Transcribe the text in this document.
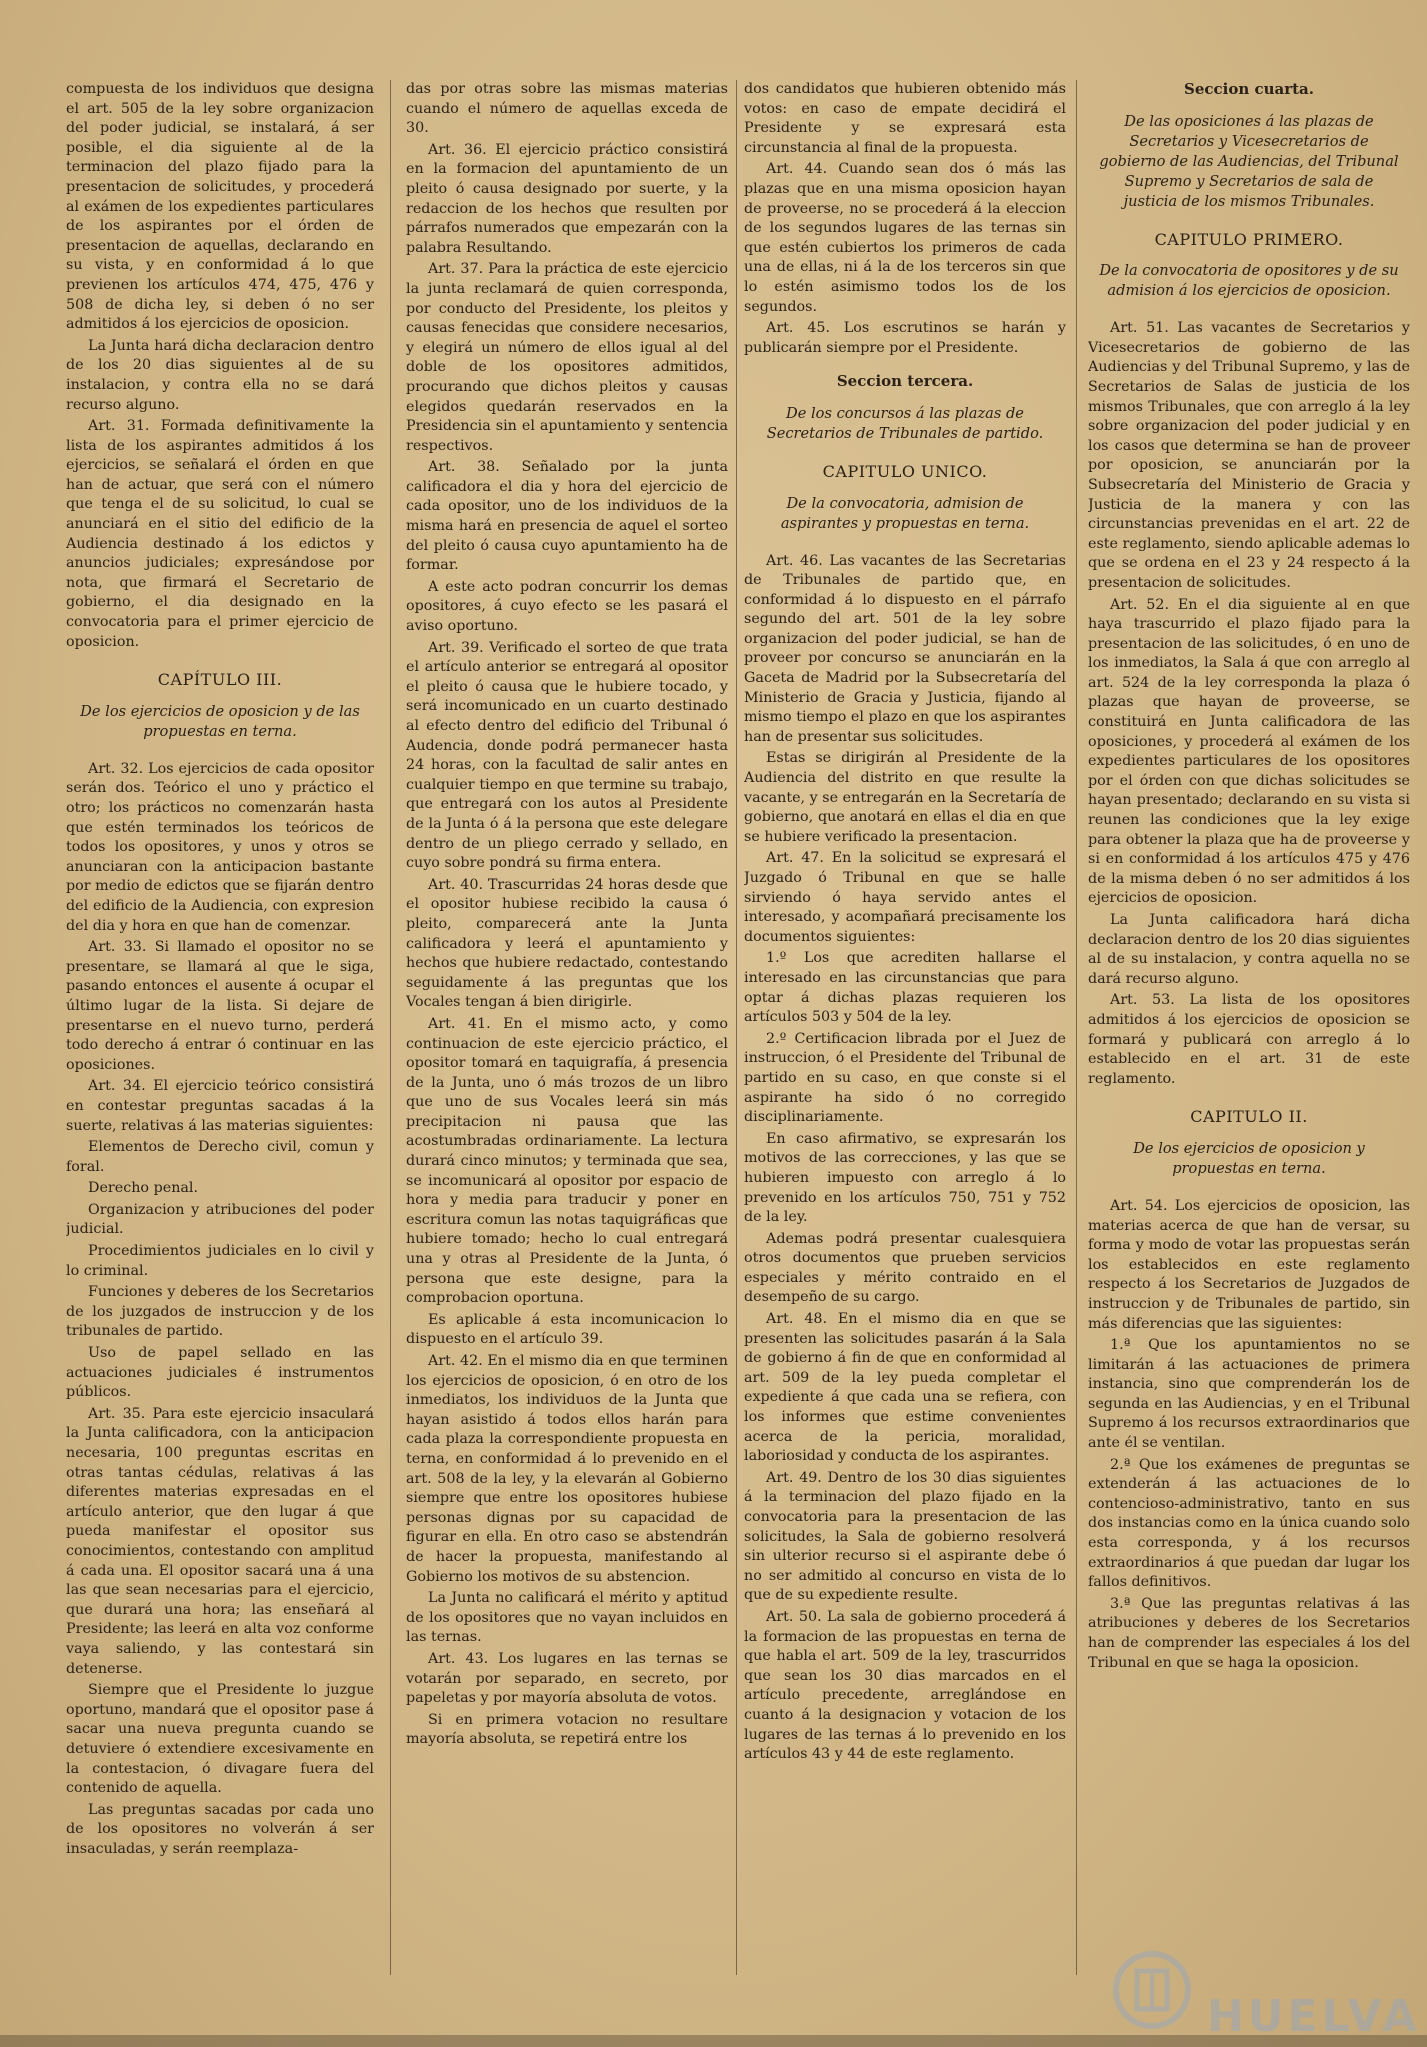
compuesta de los individuos que designa el art. 505 de la ley sobre organizacion del poder judicial, se instalará, á ser posible, el dia siguiente al de la terminacion del plazo fijado para la presentacion de solicitudes, y procederá al exámen de los expedientes particulares de los aspirantes por el órden de presentacion de aquellas, declarando en su vista, y en conformidad á lo que previenen los artículos 474, 475, 476 y 508 de dicha ley, si deben ó no ser admitidos á los ejercicios de oposicion.

La Junta hará dicha declaracion dentro de los 20 dias siguientes al de su instalacion, y contra ella no se dará recurso alguno.

Art. 31. Formada definitivamente la lista de los aspirantes admitidos á los ejercicios, se señalará el órden en que han de actuar, que será con el número que tenga el de su solicitud, lo cual se anunciará en el sitio del edificio de la Audiencia destinado á los edictos y anuncios judiciales; expresándose por nota, que firmará el Secretario de gobierno, el dia designado en la convocatoria para el primer ejercicio de oposicion.

CAPÍTULO III.
De los ejercicios de oposicion y de las propuestas en terna.

Art. 32. Los ejercicios de cada opositor serán dos. Teórico el uno y práctico el otro; los prácticos no comenzarán hasta que estén terminados los teóricos de todos los opositores, y unos y otros se anunciaran con la anticipacion bastante por medio de edictos que se fijarán dentro del edificio de la Audiencia, con expresion del dia y hora en que han de comenzar.

Art. 33. Si llamado el opositor no se presentare, se llamará al que le siga, pasando entonces el ausente á ocupar el último lugar de la lista. Si dejare de presentarse en el nuevo turno, perderá todo derecho á entrar ó continuar en las oposiciones.

Art. 34. El ejercicio teórico consistirá en contestar preguntas sacadas á la suerte, relativas á las materias siguientes:

Elementos de Derecho civil, comun y foral.

Derecho penal.

Organizacion y atribuciones del poder judicial.

Procedimientos judiciales en lo civil y lo criminal.

Funciones y deberes de los Secretarios de los juzgados de instruccion y de los tribunales de partido.

Uso de papel sellado en las actuaciones judiciales é instrumentos públicos.

Art. 35. Para este ejercicio insaculará la Junta calificadora, con la anticipacion necesaria, 100 preguntas escritas en otras tantas cédulas, relativas á las diferentes materias expresadas en el artículo anterior, que den lugar á que pueda manifestar el opositor sus conocimientos, contestando con amplitud á cada una. El opositor sacará una á una las que sean necesarias para el ejercicio, que durará una hora; las enseñará al Presidente; las leerá en alta voz conforme vaya saliendo, y las contestará sin detenerse.

Siempre que el Presidente lo juzgue oportuno, mandará que el opositor pase á sacar una nueva pregunta cuando se detuviere ó extendiere excesivamente en la contestacion, ó divagare fuera del contenido de aquella.

Las preguntas sacadas por cada uno de los opositores no volverán á ser insaculadas, y serán reemplaza-

das por otras sobre las mismas materias cuando el número de aquellas exceda de 30.

Art. 36. El ejercicio práctico consistirá en la formacion del apuntamiento de un pleito ó causa designado por suerte, y la redaccion de los hechos que resulten por párrafos numerados que empezarán con la palabra Resultando.

Art. 37. Para la práctica de este ejercicio la junta reclamará de quien corresponda, por conducto del Presidente, los pleitos y causas fenecidas que considere necesarios, y elegirá un número de ellos igual al del doble de los opositores admitidos, procurando que dichos pleitos y causas elegidos quedarán reservados en la Presidencia sin el apuntamiento y sentencia respectivos.

Art. 38. Señalado por la junta calificadora el dia y hora del ejercicio de cada opositor, uno de los individuos de la misma hará en presencia de aquel el sorteo del pleito ó causa cuyo apuntamiento ha de formar.

A este acto podran concurrir los demas opositores, á cuyo efecto se les pasará el aviso oportuno.

Art. 39. Verificado el sorteo de que trata el artículo anterior se entregará al opositor el pleito ó causa que le hubiere tocado, y será incomunicado en un cuarto destinado al efecto dentro del edificio del Tribunal ó Audencia, donde podrá permanecer hasta 24 horas, con la facultad de salir antes en cualquier tiempo en que termine su trabajo, que entregará con los autos al Presidente de la Junta ó á la persona que este delegare dentro de un pliego cerrado y sellado, en cuyo sobre pondrá su firma entera.

Art. 40. Trascurridas 24 horas desde que el opositor hubiese recibido la causa ó pleito, comparecerá ante la Junta calificadora y leerá el apuntamiento y hechos que hubiere redactado, contestando seguidamente á las preguntas que los Vocales tengan á bien dirigirle.

Art. 41. En el mismo acto, y como continuacion de este ejercicio práctico, el opositor tomará en taquigrafía, á presencia de la Junta, uno ó más trozos de un libro que uno de sus Vocales leerá sin más precipitacion ni pausa que las acostumbradas ordinariamente. La lectura durará cinco minutos; y terminada que sea, se incomunicará al opositor por espacio de hora y media para traducir y poner en escritura comun las notas taquigráficas que hubiere tomado; hecho lo cual entregará una y otras al Presidente de la Junta, ó persona que este designe, para la comprobacion oportuna.

Es aplicable á esta incomunicacion lo dispuesto en el artículo 39.

Art. 42. En el mismo dia en que terminen los ejercicios de oposicion, ó en otro de los inmediatos, los individuos de la Junta que hayan asistido á todos ellos harán para cada plaza la correspondiente propuesta en terna, en conformidad á lo prevenido en el art. 508 de la ley, y la elevarán al Gobierno siempre que entre los opositores hubiese personas dignas por su capacidad de figurar en ella. En otro caso se abstendrán de hacer la propuesta, manifestando al Gobierno los motivos de su abstencion.

La Junta no calificará el mérito y aptitud de los opositores que no vayan incluidos en las ternas.

Art. 43. Los lugares en las ternas se votarán por separado, en secreto, por papeletas y por mayoría absoluta de votos.

Si en primera votacion no resultare mayoría absoluta, se repetirá entre los

dos candidatos que hubieren obtenido más votos: en caso de empate decidirá el Presidente y se expresará esta circunstancia al final de la propuesta.

Art. 44. Cuando sean dos ó más las plazas que en una misma oposicion hayan de proveerse, no se procederá á la eleccion de los segundos lugares de las ternas sin que estén cubiertos los primeros de cada una de ellas, ni á la de los terceros sin que lo estén asimismo todos los de los segundos.

Art. 45. Los escrutinos se harán y publicarán siempre por el Presidente.

Seccion tercera.
De los concursos á las plazas de Secretarios de Tribunales de partido.
CAPITULO UNICO.
De la convocatoria, admision de aspirantes y propuestas en terna.

Art. 46. Las vacantes de las Secretarias de Tribunales de partido que, en conformidad á lo dispuesto en el párrafo segundo del art. 501 de la ley sobre organizacion del poder judicial, se han de proveer por concurso se anunciarán en la Gaceta de Madrid por la Subsecretaría del Ministerio de Gracia y Justicia, fijando al mismo tiempo el plazo en que los aspirantes han de presentar sus solicitudes.

Estas se dirigirán al Presidente de la Audiencia del distrito en que resulte la vacante, y se entregarán en la Secretaría de gobierno, que anotará en ellas el dia en que se hubiere verificado la presentacion.

Art. 47. En la solicitud se expresará el Juzgado ó Tribunal en que se halle sirviendo ó haya servido antes el interesado, y acompañará precisamente los documentos siguientes:

1.º Los que acrediten hallarse el interesado en las circunstancias que para optar á dichas plazas requieren los artículos 503 y 504 de la ley.

2.º Certificacion librada por el Juez de instruccion, ó el Presidente del Tribunal de partido en su caso, en que conste si el aspirante ha sido ó no corregido disciplinariamente.

En caso afirmativo, se expresarán los motivos de las correcciones, y las que se hubieren impuesto con arreglo á lo prevenido en los artículos 750, 751 y 752 de la ley.

Ademas podrá presentar cualesquiera otros documentos que prueben servicios especiales y mérito contraido en el desempeño de su cargo.

Art. 48. En el mismo dia en que se presenten las solicitudes pasarán á la Sala de gobierno á fin de que en conformidad al art. 509 de la ley pueda completar el expediente á que cada una se refiera, con los informes que estime convenientes acerca de la pericia, moralidad, laboriosidad y conducta de los aspirantes.

Art. 49. Dentro de los 30 dias siguientes á la terminacion del plazo fijado en la convocatoria para la presentacion de las solicitudes, la Sala de gobierno resolverá sin ulterior recurso si el aspirante debe ó no ser admitido al concurso en vista de lo que de su expediente resulte.

Art. 50. La sala de gobierno procederá á la formacion de las propuestas en terna de que habla el art. 509 de la ley, trascurridos que sean los 30 dias marcados en el artículo precedente, arreglándose en cuanto á la designacion y votacion de los lugares de las ternas á lo prevenido en los artículos 43 y 44 de este reglamento.

Seccion cuarta.
De las oposiciones á las plazas de Secretarios y Vicesecretarios de gobierno de las Audiencias, del Tribunal Supremo y Secretarios de sala de justicia de los mismos Tribunales.
CAPITULO PRIMERO.
De la convocatoria de opositores y de su admision á los ejercicios de oposicion.

Art. 51. Las vacantes de Secretarios y Vicesecretarios de gobierno de las Audiencias y del Tribunal Supremo, y las de Secretarios de Salas de justicia de los mismos Tribunales, que con arreglo á la ley sobre organizacion del poder judicial y en los casos que determina se han de proveer por oposicion, se anunciarán por la Subsecretaría del Ministerio de Gracia y Justicia de la manera y con las circunstancias prevenidas en el art. 22 de este reglamento, siendo aplicable ademas lo que se ordena en el 23 y 24 respecto á la presentacion de solicitudes.

Art. 52. En el dia siguiente al en que haya trascurrido el plazo fijado para la presentacion de las solicitudes, ó en uno de los inmediatos, la Sala á que con arreglo al art. 524 de la ley corresponda la plaza ó plazas que hayan de proveerse, se constituirá en Junta calificadora de las oposiciones, y procederá al exámen de los expedientes particulares de los opositores por el órden con que dichas solicitudes se hayan presentado; declarando en su vista si reunen las condiciones que la ley exige para obtener la plaza que ha de proveerse y si en conformidad á los artículos 475 y 476 de la misma deben ó no ser admitidos á los ejercicios de oposicion.

La Junta calificadora hará dicha declaracion dentro de los 20 dias siguientes al de su instalacion, y contra aquella no se dará recurso alguno.

Art. 53. La lista de los opositores admitidos á los ejercicios de oposicion se formará y publicará con arreglo á lo establecido en el art. 31 de este reglamento.

CAPITULO II.
De los ejercicios de oposicion y propuestas en terna.

Art. 54. Los ejercicios de oposicion, las materias acerca de que han de versar, su forma y modo de votar las propuestas serán los establecidos en este reglamento respecto á los Secretarios de Juzgados de instruccion y de Tribunales de partido, sin más diferencias que las siguientes:

1.ª Que los apuntamientos no se limitarán á las actuaciones de primera instancia, sino que comprenderán los de segunda en las Audiencias, y en el Tribunal Supremo á los recursos extraordinarios que ante él se ventilan.

2.ª Que los exámenes de preguntas se extenderán á las actuaciones de lo contencioso-administrativo, tanto en sus dos instancias como en la única cuando solo esta corresponda, y á los recursos extraordinarios á que puedan dar lugar los fallos definitivos.

3.ª Que las preguntas relativas á las atribuciones y deberes de los Secretarios han de comprender las especiales á los del Tribunal en que se haga la oposicion.

HUELVA
